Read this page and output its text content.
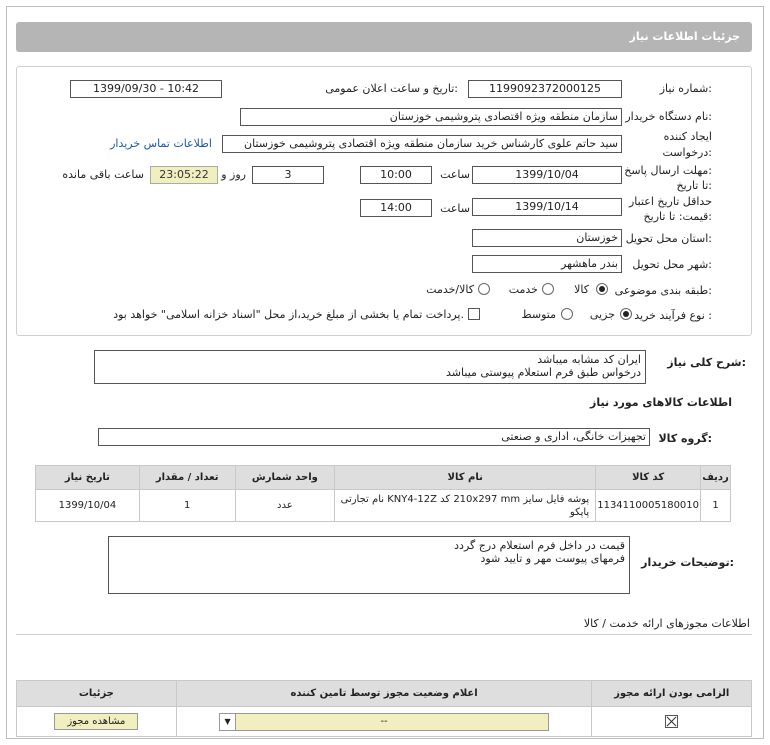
جزئیات اطلاعات نیاز
شماره نیاز:
1199092372000125
تاریخ و ساعت اعلان عمومی:
1399/09/30 - 10:42
نام دستگاه خریدار:
سازمان منطقه ویژه اقتصادی پتروشیمی خوزستان
ایجاد کننده
درخواست:
سید حاتم علوی کارشناس خرید سازمان منطقه ویژه اقتصادی پتروشیمی خوزستان
اطلاعات تماس خریدار
مهلت ارسال پاسخ:
تا تاریخ:
1399/10/04
ساعت
10:00
3
روز و
23:05:22
ساعت باقی مانده
حداقل تاریخ اعتبار
قیمت: تا تاریخ:
1399/10/14
ساعت
14:00
استان محل تحویل:
خوزستان
شهر محل تحویل:
بندر ماهشهر
طبقه بندی موضوعی:
کالا
خدمت
کالا/خدمت
نوع فرآیند خرید :
جزیی
متوسط
پرداخت تمام یا بخشی از مبلغ خرید،از محل "اسناد خزانه اسلامی" خواهد بود.
شرح کلی نیاز:
ایران کد مشابه میباشد
درخواس طبق فرم استعلام پیوستی میباشد
اطلاعات کالاهای مورد نیاز
گروه کالا:
تجهیزات خانگی، اداری و صنعتی
ردیف	کد کالا	نام کالا	واحد شمارش	تعداد / مقدار	تاریخ نیاز
1	1134110005180010	پوشه فایل سایز 210x297 mm کد KNY4-12Z نام تجارتی
پاپکو	عدد	1	1399/10/04
توضیحات خریدار:
قیمت در داخل فرم استعلام درج گردد
فرمهای پیوست مهر و تایید شود
اطلاعات مجوزهای ارائه خدمت / کالا
الزامی بودن ارائه مجوز	اعلام وضعیت مجوز توسط تامین کننده	جزئیات

	▼ --	مشاهده مجوز
